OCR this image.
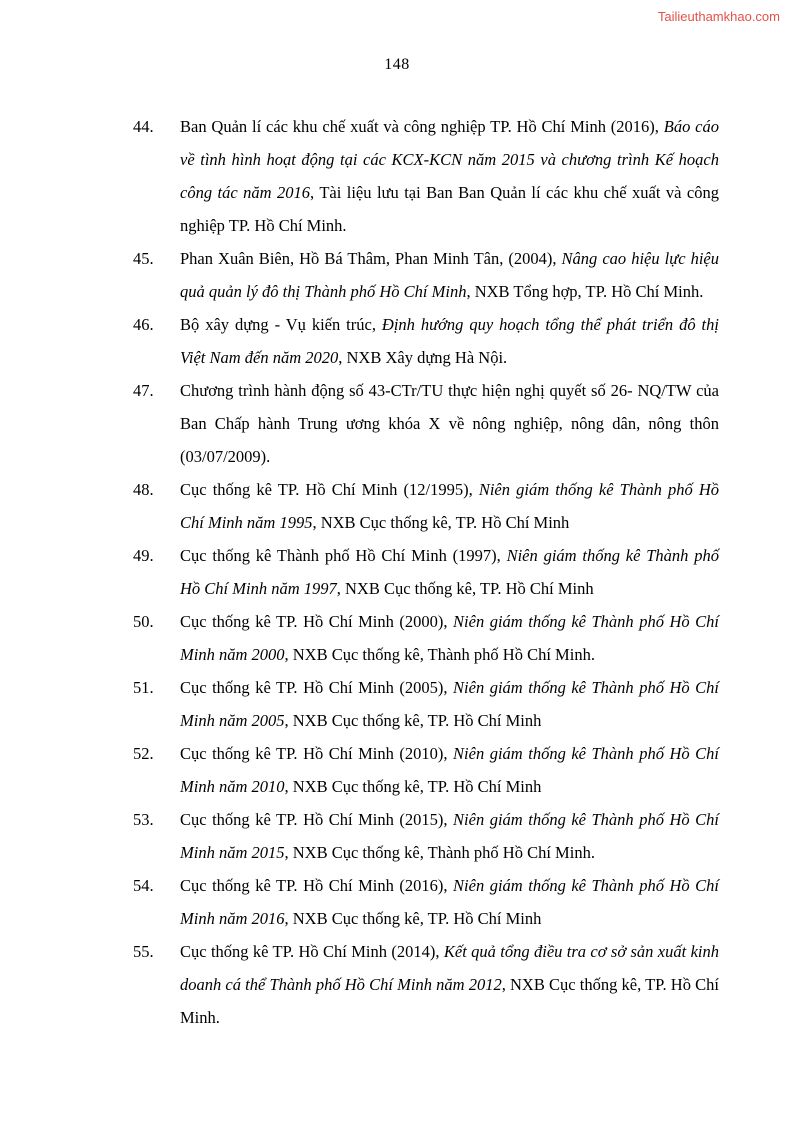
Tailieuthamkhao.com
148
44.	Ban Quản lí các khu chế xuất và công nghiệp TP. Hồ Chí Minh (2016), Báo cáo về tình hình hoạt động tại các KCX-KCN năm 2015 và chương trình Kế hoạch công tác năm 2016, Tài liệu lưu tại Ban Ban Quản lí các khu chế xuất và công nghiệp TP. Hồ Chí Minh.
45.	Phan Xuân Biên, Hồ Bá Thâm, Phan Minh Tân, (2004), Nâng cao hiệu lực hiệu quả quản lý đô thị Thành phố Hồ Chí Minh, NXB Tổng hợp, TP. Hồ Chí Minh.
46.	Bộ xây dựng - Vụ kiến trúc, Định hướng quy hoạch tổng thể phát triển đô thị Việt Nam đến năm 2020, NXB Xây dựng Hà Nội.
47.	Chương trình hành động số 43-CTr/TU thực hiện nghị quyết số 26- NQ/TW của Ban Chấp hành Trung ương khóa X về nông nghiệp, nông dân, nông thôn (03/07/2009).
48.	Cục thống kê TP. Hồ Chí Minh (12/1995), Niên giám thống kê Thành phố Hồ Chí Minh năm 1995, NXB Cục thống kê, TP. Hồ Chí Minh
49.	Cục thống kê Thành phố Hồ Chí Minh (1997), Niên giám thống kê Thành phố Hồ Chí Minh năm 1997, NXB Cục thống kê, TP. Hồ Chí Minh
50.	Cục thống kê TP. Hồ Chí Minh (2000), Niên giám thống kê Thành phố Hồ Chí Minh năm 2000, NXB Cục thống kê, Thành phố Hồ Chí Minh.
51.	Cục thống kê TP. Hồ Chí Minh (2005), Niên giám thống kê Thành phố Hồ Chí Minh năm 2005, NXB Cục thống kê, TP. Hồ Chí Minh
52.	Cục thống kê TP. Hồ Chí Minh (2010), Niên giám thống kê Thành phố Hồ Chí Minh năm 2010, NXB Cục thống kê, TP. Hồ Chí Minh
53.	Cục thống kê TP. Hồ Chí Minh (2015), Niên giám thống kê Thành phố Hồ Chí Minh năm 2015, NXB Cục thống kê, Thành phố Hồ Chí Minh.
54.	Cục thống kê TP. Hồ Chí Minh (2016), Niên giám thống kê Thành phố Hồ Chí Minh năm 2016, NXB Cục thống kê, TP. Hồ Chí Minh
55.	Cục thống kê TP. Hồ Chí Minh (2014), Kết quả tổng điều tra cơ sở sản xuất kinh doanh cá thể Thành phố Hồ Chí Minh năm 2012, NXB Cục thống kê, TP. Hồ Chí Minh.
